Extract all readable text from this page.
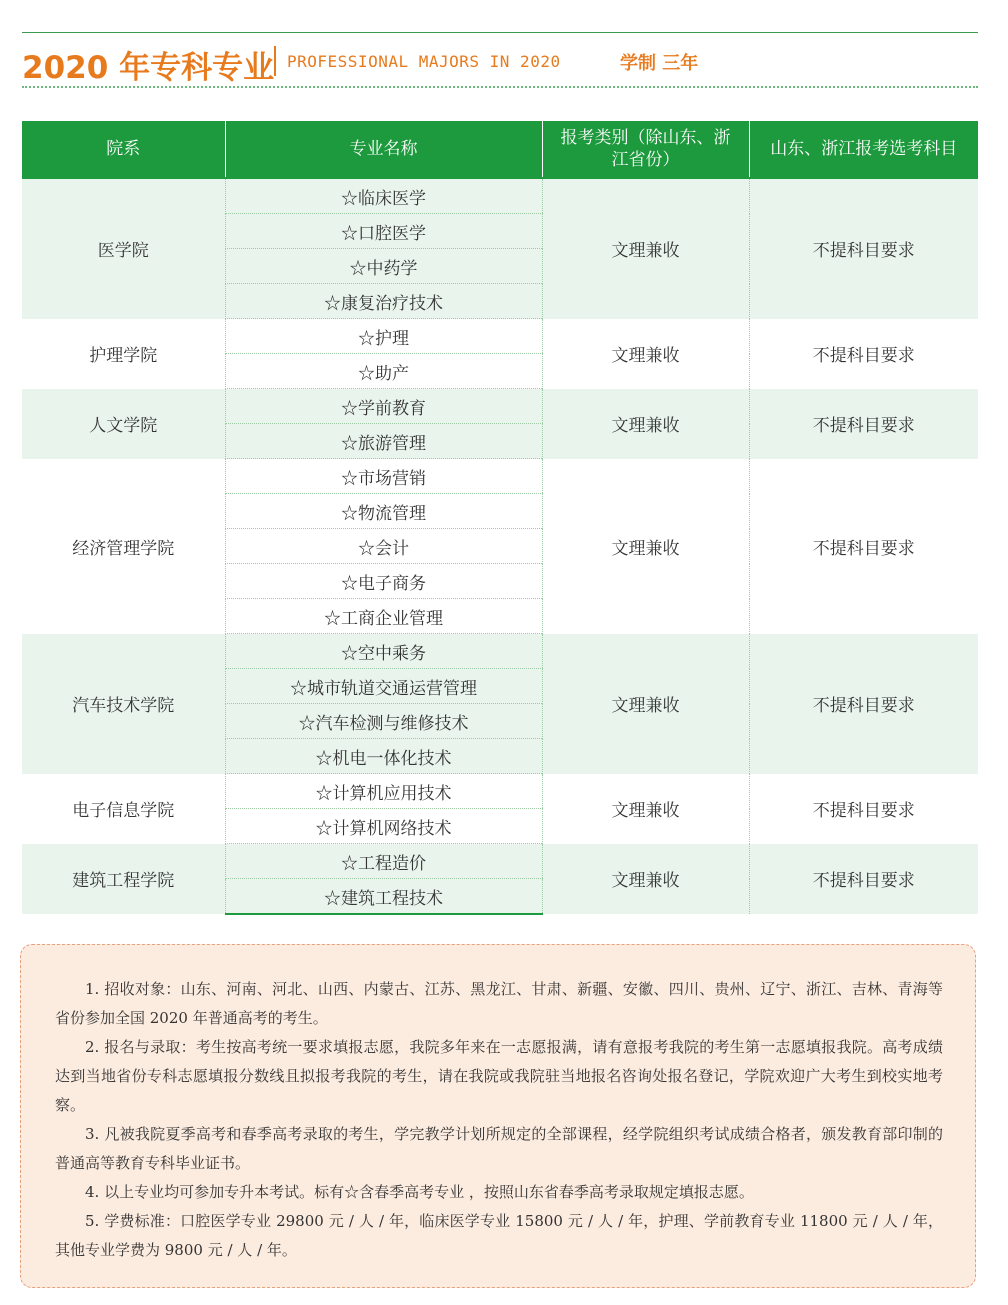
2020 年专科专业 PROFESSIONAL MAJORS IN 2020	学制 三年
院系	专业名称	报考类别（除山东、浙江省份）	山东、浙江报考选考科目
医学院	☆临床医学	文理兼收	不提科目要求
	☆口腔医学		
	☆中药学		
	☆康复治疗技术		
护理学院	☆护理	文理兼收	不提科目要求
	☆助产		
人文学院	☆学前教育	文理兼收	不提科目要求
	☆旅游管理		
经济管理学院	☆市场营销	文理兼收	不提科目要求
	☆物流管理		
	☆会计		
	☆电子商务		
	☆工商企业管理		
汽车技术学院	☆空中乘务	文理兼收	不提科目要求
	☆城市轨道交通运营管理		
	☆汽车检测与维修技术		
	☆机电一体化技术		
电子信息学院	☆计算机应用技术	文理兼收	不提科目要求
	☆计算机网络技术		
建筑工程学院	☆工程造价	文理兼收	不提科目要求
	☆建筑工程技术		

1. 招收对象：山东、河南、河北、山西、内蒙古、江苏、黑龙江、甘肃、新疆、安徽、四川、贵州、辽宁、浙江、吉林、青海等省份参加全国 2020 年普通高考的考生。

2. 报名与录取：考生按高考统一要求填报志愿，我院多年来在一志愿报满，请有意报考我院的考生第一志愿填报我院。高考成绩达到当地省份专科志愿填报分数线且拟报考我院的考生，请在我院或我院驻当地报名咨询处报名登记，学院欢迎广大考生到校实地考察。

3. 凡被我院夏季高考和春季高考录取的考生，学完教学计划所规定的全部课程，经学院组织考试成绩合格者，颁发教育部印制的普通高等教育专科毕业证书。

4. 以上专业均可参加专升本考试。标有☆含春季高考专业 ，按照山东省春季高考录取规定填报志愿。

5. 学费标准：口腔医学专业 29800 元 / 人 / 年，临床医学专业 15800 元 / 人 / 年，护理、学前教育专业 11800 元 / 人 / 年，其他专业学费为 9800 元 / 人 / 年。
